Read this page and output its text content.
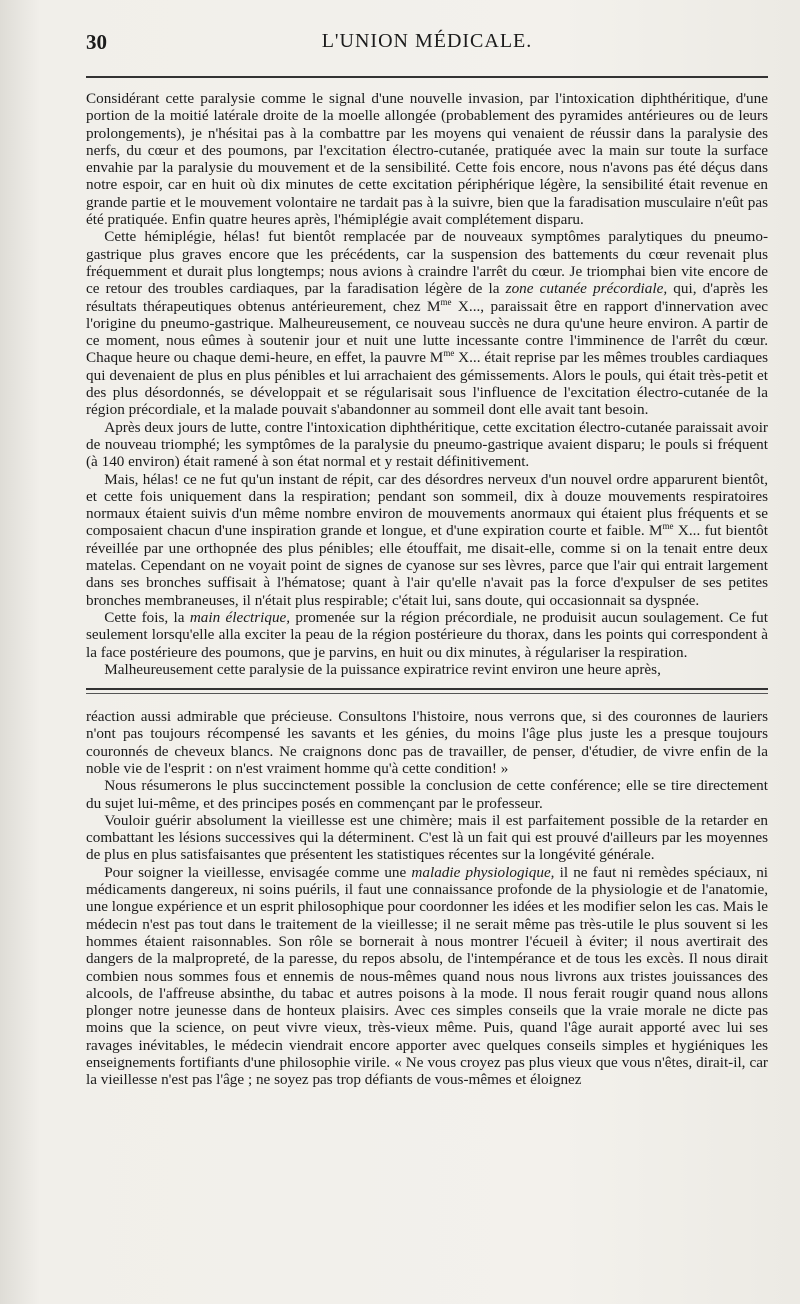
30	L'UNION MÉDICALE.

Considérant cette paralysie comme le signal d'une nouvelle invasion, par l'intoxication diphthéritique, d'une portion de la moitié latérale droite de la moelle allongée (probablement des pyramides antérieures ou de leurs prolongements), je n'hésitai pas à la combattre par les moyens qui venaient de réussir dans la paralysie des nerfs, du cœur et des poumons, par l'excitation électro-cutanée, pratiquée avec la main sur toute la surface envahie par la paralysie du mouvement et de la sensibilité. Cette fois encore, nous n'avons pas été déçus dans notre espoir, car en huit où dix minutes de cette excitation périphérique légère, la sensibilité était revenue en grande partie et le mouvement volontaire ne tardait pas à la suivre, bien que la faradisation musculaire n'eût pas été pratiquée. Enfin quatre heures après, l'hémiplégie avait complétement disparu.

Cette hémiplégie, hélas! fut bientôt remplacée par de nouveaux symptômes paralytiques du pneumo-gastrique plus graves encore que les précédents, car la suspension des battements du cœur revenait plus fréquemment et durait plus longtemps; nous avions à craindre l'arrêt du cœur. Je triomphai bien vite encore de ce retour des troubles cardiaques, par la faradisation légère de la zone cutanée précordiale, qui, d'après les résultats thérapeutiques obtenus antérieurement, chez $M^{me}$ X..., paraissait être en rapport d'innervation avec l'origine du pneumo-gastrique. Malheureusement, ce nouveau succès ne dura qu'une heure environ. A partir de ce moment, nous eûmes à soutenir jour et nuit une lutte incessante contre l'imminence de l'arrêt du cœur. Chaque heure ou chaque demi-heure, en effet, la pauvre $M^{me}$ X... était reprise par les mêmes troubles cardiaques qui devenaient de plus en plus pénibles et lui arrachaient des gémissements. Alors le pouls, qui était très-petit et des plus désordonnés, se développait et se régularisait sous l'influence de l'excitation électro-cutanée de la région précordiale, et la malade pouvait s'abandonner au sommeil dont elle avait tant besoin.

Après deux jours de lutte, contre l'intoxication diphthéritique, cette excitation électro-cutanée paraissait avoir de nouveau triomphé; les symptômes de la paralysie du pneumo-gastrique avaient disparu; le pouls si fréquent (à 140 environ) était ramené à son état normal et y restait définitivement.

Mais, hélas! ce ne fut qu'un instant de répit, car des désordres nerveux d'un nouvel ordre apparurent bientôt, et cette fois uniquement dans la respiration; pendant son sommeil, dix à douze mouvements respiratoires normaux étaient suivis d'un même nombre environ de mouvements anormaux qui étaient plus fréquents et se composaient chacun d'une inspiration grande et longue, et d'une expiration courte et faible. $M^{me}$ X... fut bientôt réveillée par une orthopnée des plus pénibles; elle étouffait, me disait-elle, comme si on la tenait entre deux matelas. Cependant on ne voyait point de signes de cyanose sur ses lèvres, parce que l'air qui entrait largement dans ses bronches suffisait à l'hématose; quant à l'air qu'elle n'avait pas la force d'expulser de ses petites bronches membraneuses, il n'était plus respirable; c'était lui, sans doute, qui occasionnait sa dyspnée.

Cette fois, la main électrique, promenée sur la région précordiale, ne produisit aucun soulagement. Ce fut seulement lorsqu'elle alla exciter la peau de la région postérieure du thorax, dans les points qui correspondent à la face postérieure des poumons, que je parvins, en huit ou dix minutes, à régulariser la respiration.

Malheureusement cette paralysie de la puissance expiratrice revint environ une heure après,

réaction aussi admirable que précieuse. Consultons l'histoire, nous verrons que, si des couronnes de lauriers n'ont pas toujours récompensé les savants et les génies, du moins l'âge plus juste les a presque toujours couronnés de cheveux blancs. Ne craignons donc pas de travailler, de penser, d'étudier, de vivre enfin de la noble vie de l'esprit : on n'est vraiment homme qu'à cette condition! »

Nous résumerons le plus succinctement possible la conclusion de cette conférence; elle se tire directement du sujet lui-même, et des principes posés en commençant par le professeur.

Vouloir guérir absolument la vieillesse est une chimère; mais il est parfaitement possible de la retarder en combattant les lésions successives qui la déterminent. C'est là un fait qui est prouvé d'ailleurs par les moyennes de plus en plus satisfaisantes que présentent les statistiques récentes sur la longévité générale.

Pour soigner la vieillesse, envisagée comme une maladie physiologique, il ne faut ni remèdes spéciaux, ni médicaments dangereux, ni soins puérils, il faut une connaissance profonde de la physiologie et de l'anatomie, une longue expérience et un esprit philosophique pour coordonner les idées et les modifier selon les cas. Mais le médecin n'est pas tout dans le traitement de la vieillesse; il ne serait même pas très-utile le plus souvent si les hommes étaient raisonnables. Son rôle se bornerait à nous montrer l'écueil à éviter; il nous avertirait des dangers de la malpropreté, de la paresse, du repos absolu, de l'intempérance et de tous les excès. Il nous dirait combien nous sommes fous et ennemis de nous-mêmes quand nous nous livrons aux tristes jouissances des alcools, de l'affreuse absinthe, du tabac et autres poisons à la mode. Il nous ferait rougir quand nous allons plonger notre jeunesse dans de honteux plaisirs. Avec ces simples conseils que la vraie morale ne dicte pas moins que la science, on peut vivre vieux, très-vieux même. Puis, quand l'âge aurait apporté avec lui ses ravages inévitables, le médecin viendrait encore apporter avec quelques conseils simples et hygiéniques les enseignements fortifiants d'une philosophie virile. « Ne vous croyez pas plus vieux que vous n'êtes, dirait-il, car la vieillesse n'est pas l'âge ; ne soyez pas trop défiants de vous-mêmes et éloignez
